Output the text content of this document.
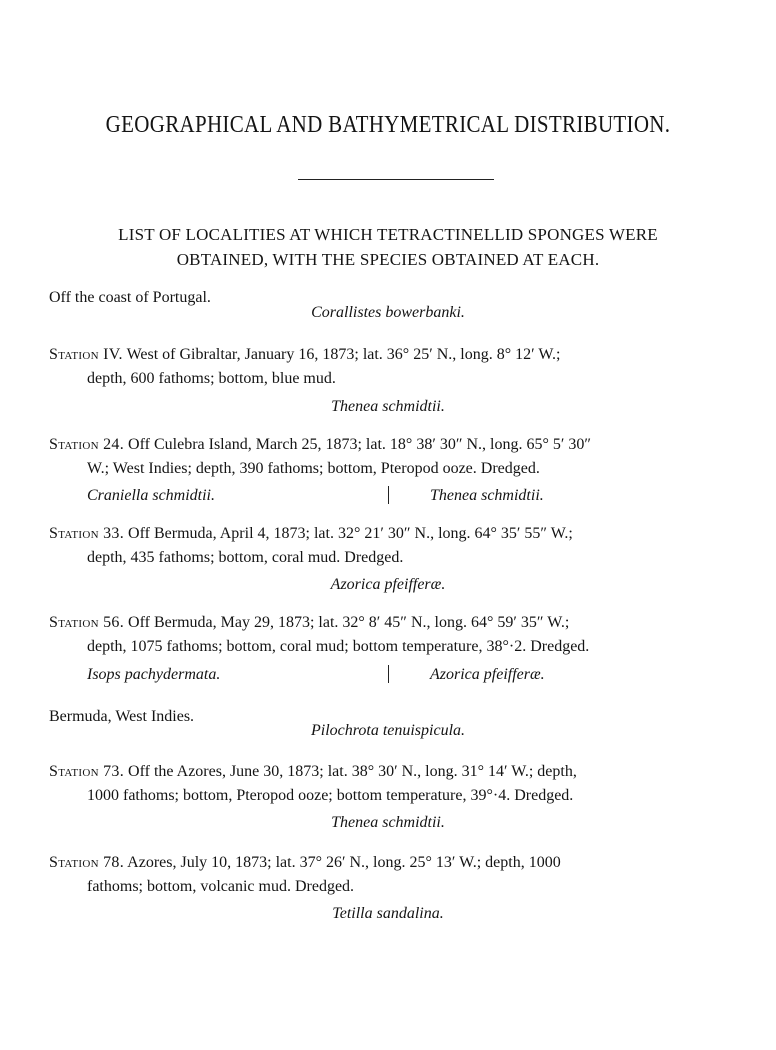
GEOGRAPHICAL AND BATHYMETRICAL DISTRIBUTION.
LIST OF LOCALITIES AT WHICH TETRACTINELLID SPONGES WERE
OBTAINED, WITH THE SPECIES OBTAINED AT EACH.
Off the coast of Portugal.
Corallistes bowerbanki.
Station IV. West of Gibraltar, January 16, 1873; lat. 36° 25′ N., long. 8° 12′ W.;
depth, 600 fathoms; bottom, blue mud.
Thenea schmidtii.
Station 24. Off Culebra Island, March 25, 1873; lat. 18° 38′ 30″ N., long. 65° 5′ 30″
W.; West Indies; depth, 390 fathoms; bottom, Pteropod ooze. Dredged.
Craniella schmidtii.	Thenea schmidtii.
Station 33. Off Bermuda, April 4, 1873; lat. 32° 21′ 30″ N., long. 64° 35′ 55″ W.;
depth, 435 fathoms; bottom, coral mud. Dredged.
Azorica pfeifferæ.
Station 56. Off Bermuda, May 29, 1873; lat. 32° 8′ 45″ N., long. 64° 59′ 35″ W.;
depth, 1075 fathoms; bottom, coral mud; bottom temperature, 38°·2. Dredged.
Isops pachydermata.	Azorica pfeifferæ.
Bermuda, West Indies.
Pilochrota tenuispicula.
Station 73. Off the Azores, June 30, 1873; lat. 38° 30′ N., long. 31° 14′ W.; depth,
1000 fathoms; bottom, Pteropod ooze; bottom temperature, 39°·4. Dredged.
Thenea schmidtii.
Station 78. Azores, July 10, 1873; lat. 37° 26′ N., long. 25° 13′ W.; depth, 1000
fathoms; bottom, volcanic mud. Dredged.
Tetilla sandalina.
